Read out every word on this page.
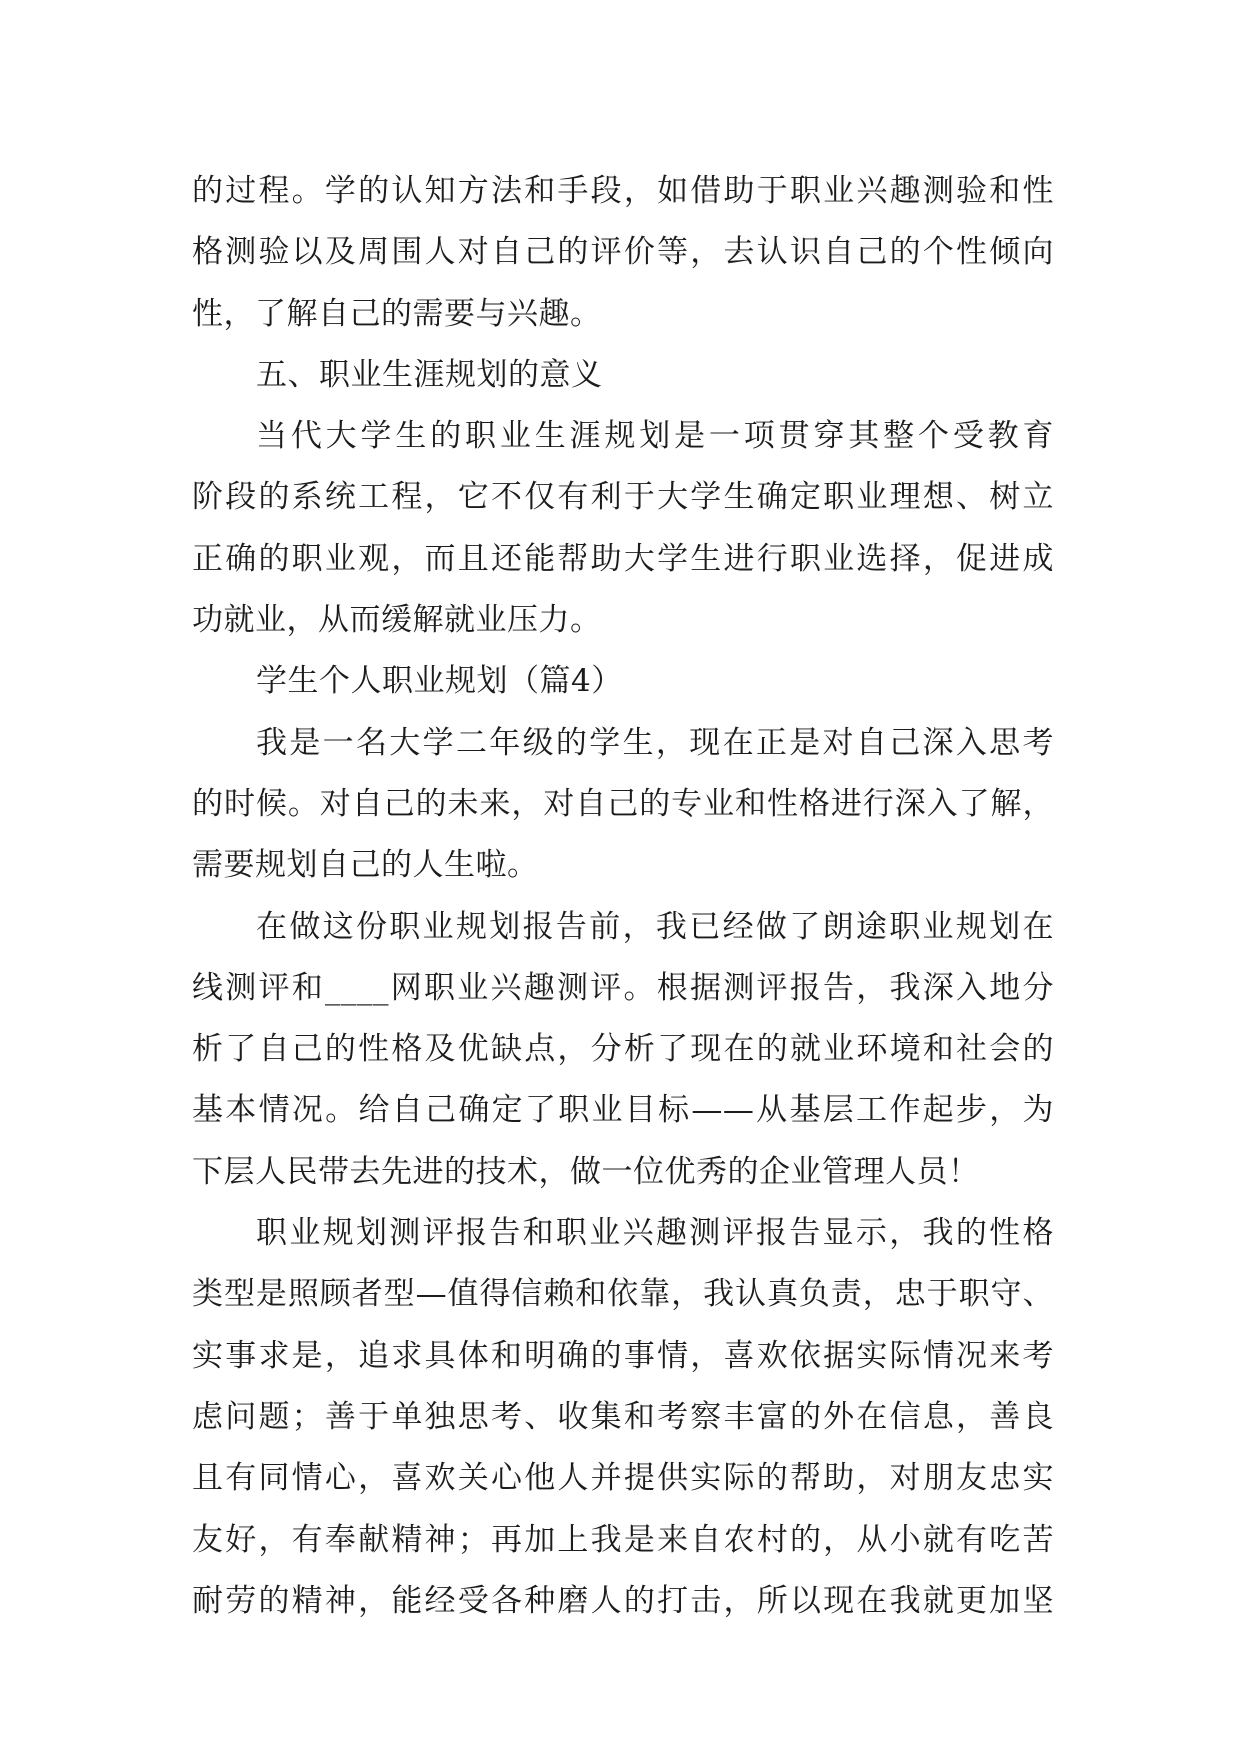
的过程。学的认知方法和手段，如借助于职业兴趣测验和性
格测验以及周围人对自己的评价等，去认识自己的个性倾向
性，了解自己的需要与兴趣。
五、职业生涯规划的意义
当代大学生的职业生涯规划是一项贯穿其整个受教育
阶段的系统工程，它不仅有利于大学生确定职业理想、树立
正确的职业观，而且还能帮助大学生进行职业选择，促进成
功就业，从而缓解就业压力。
学生个人职业规划（篇4）
我是一名大学二年级的学生，现在正是对自己深入思考
的时候。对自己的未来，对自己的专业和性格进行深入了解，
需要规划自己的人生啦。
在做这份职业规划报告前，我已经做了朗途职业规划在
线测评和____网职业兴趣测评。根据测评报告，我深入地分
析了自己的性格及优缺点，分析了现在的就业环境和社会的
基本情况。给自己确定了职业目标——从基层工作起步，为
下层人民带去先进的技术，做一位优秀的企业管理人员！
职业规划测评报告和职业兴趣测评报告显示，我的性格
类型是照顾者型—值得信赖和依靠，我认真负责，忠于职守、
实事求是，追求具体和明确的事情，喜欢依据实际情况来考
虑问题；善于单独思考、收集和考察丰富的外在信息，善良
且有同情心，喜欢关心他人并提供实际的帮助，对朋友忠实
友好，有奉献精神；再加上我是来自农村的，从小就有吃苦
耐劳的精神，能经受各种磨人的打击，所以现在我就更加坚
